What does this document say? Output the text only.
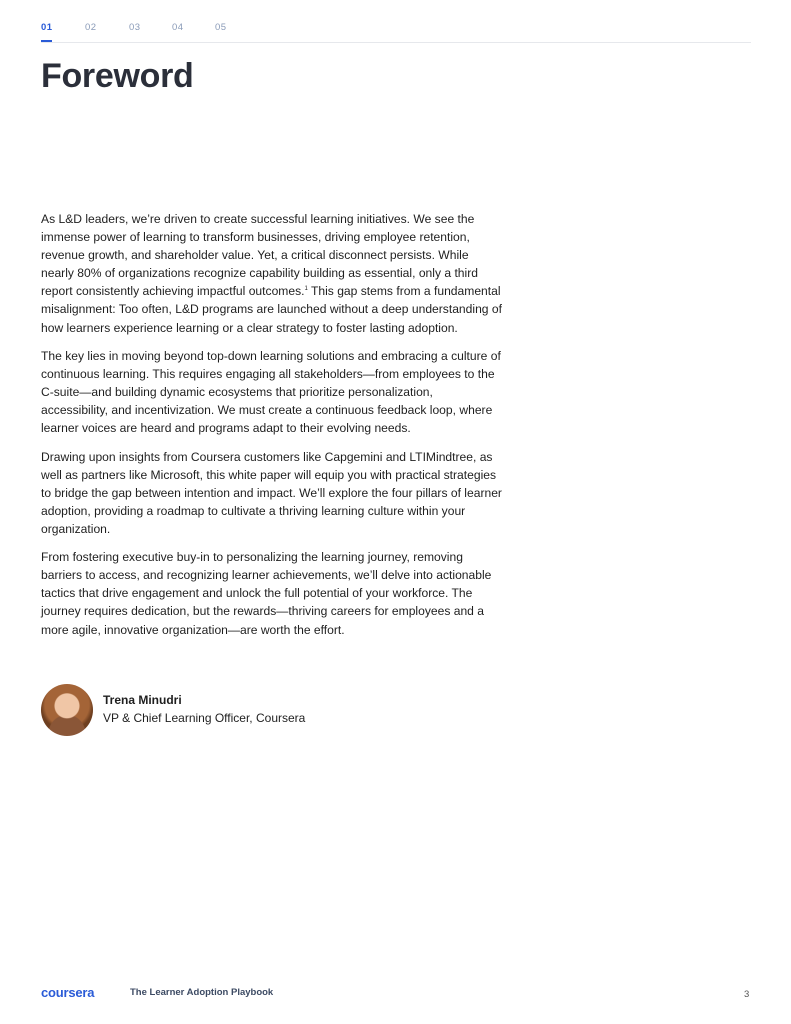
01	02	03	04	05
Foreword

As L&D leaders, we’re driven to create successful learning initiatives. We see the immense power of learning to transform businesses, driving employee retention, revenue growth, and shareholder value. Yet, a critical disconnect persists. While nearly 80% of organizations recognize capability building as essential, only a third report consistently achieving impactful outcomes.$^1$ This gap stems from a fundamental misalignment: Too often, L&D programs are launched without a deep understanding of how learners experience learning or a clear strategy to foster lasting adoption.

The key lies in moving beyond top-down learning solutions and embracing a culture of continuous learning. This requires engaging all stakeholders—from employees to the C-suite—and building dynamic ecosystems that prioritize personalization, accessibility, and incentivization. We must create a continuous feedback loop, where learner voices are heard and programs adapt to their evolving needs.

Drawing upon insights from Coursera customers like Capgemini and LTIMindtree, as well as partners like Microsoft, this white paper will equip you with practical strategies to bridge the gap between intention and impact. We’ll explore the four pillars of learner adoption, providing a roadmap to cultivate a thriving learning culture within your organization.

From fostering executive buy-in to personalizing the learning journey, removing barriers to access, and recognizing learner achievements, we’ll delve into actionable tactics that drive engagement and unlock the full potential of your workforce. The journey requires dedication, but the rewards—thriving careers for employees and a more agile, innovative organization—are worth the effort.

Trena Minudri
VP & Chief Learning Officer, Coursera
coursera	The Learner Adoption Playbook	3
